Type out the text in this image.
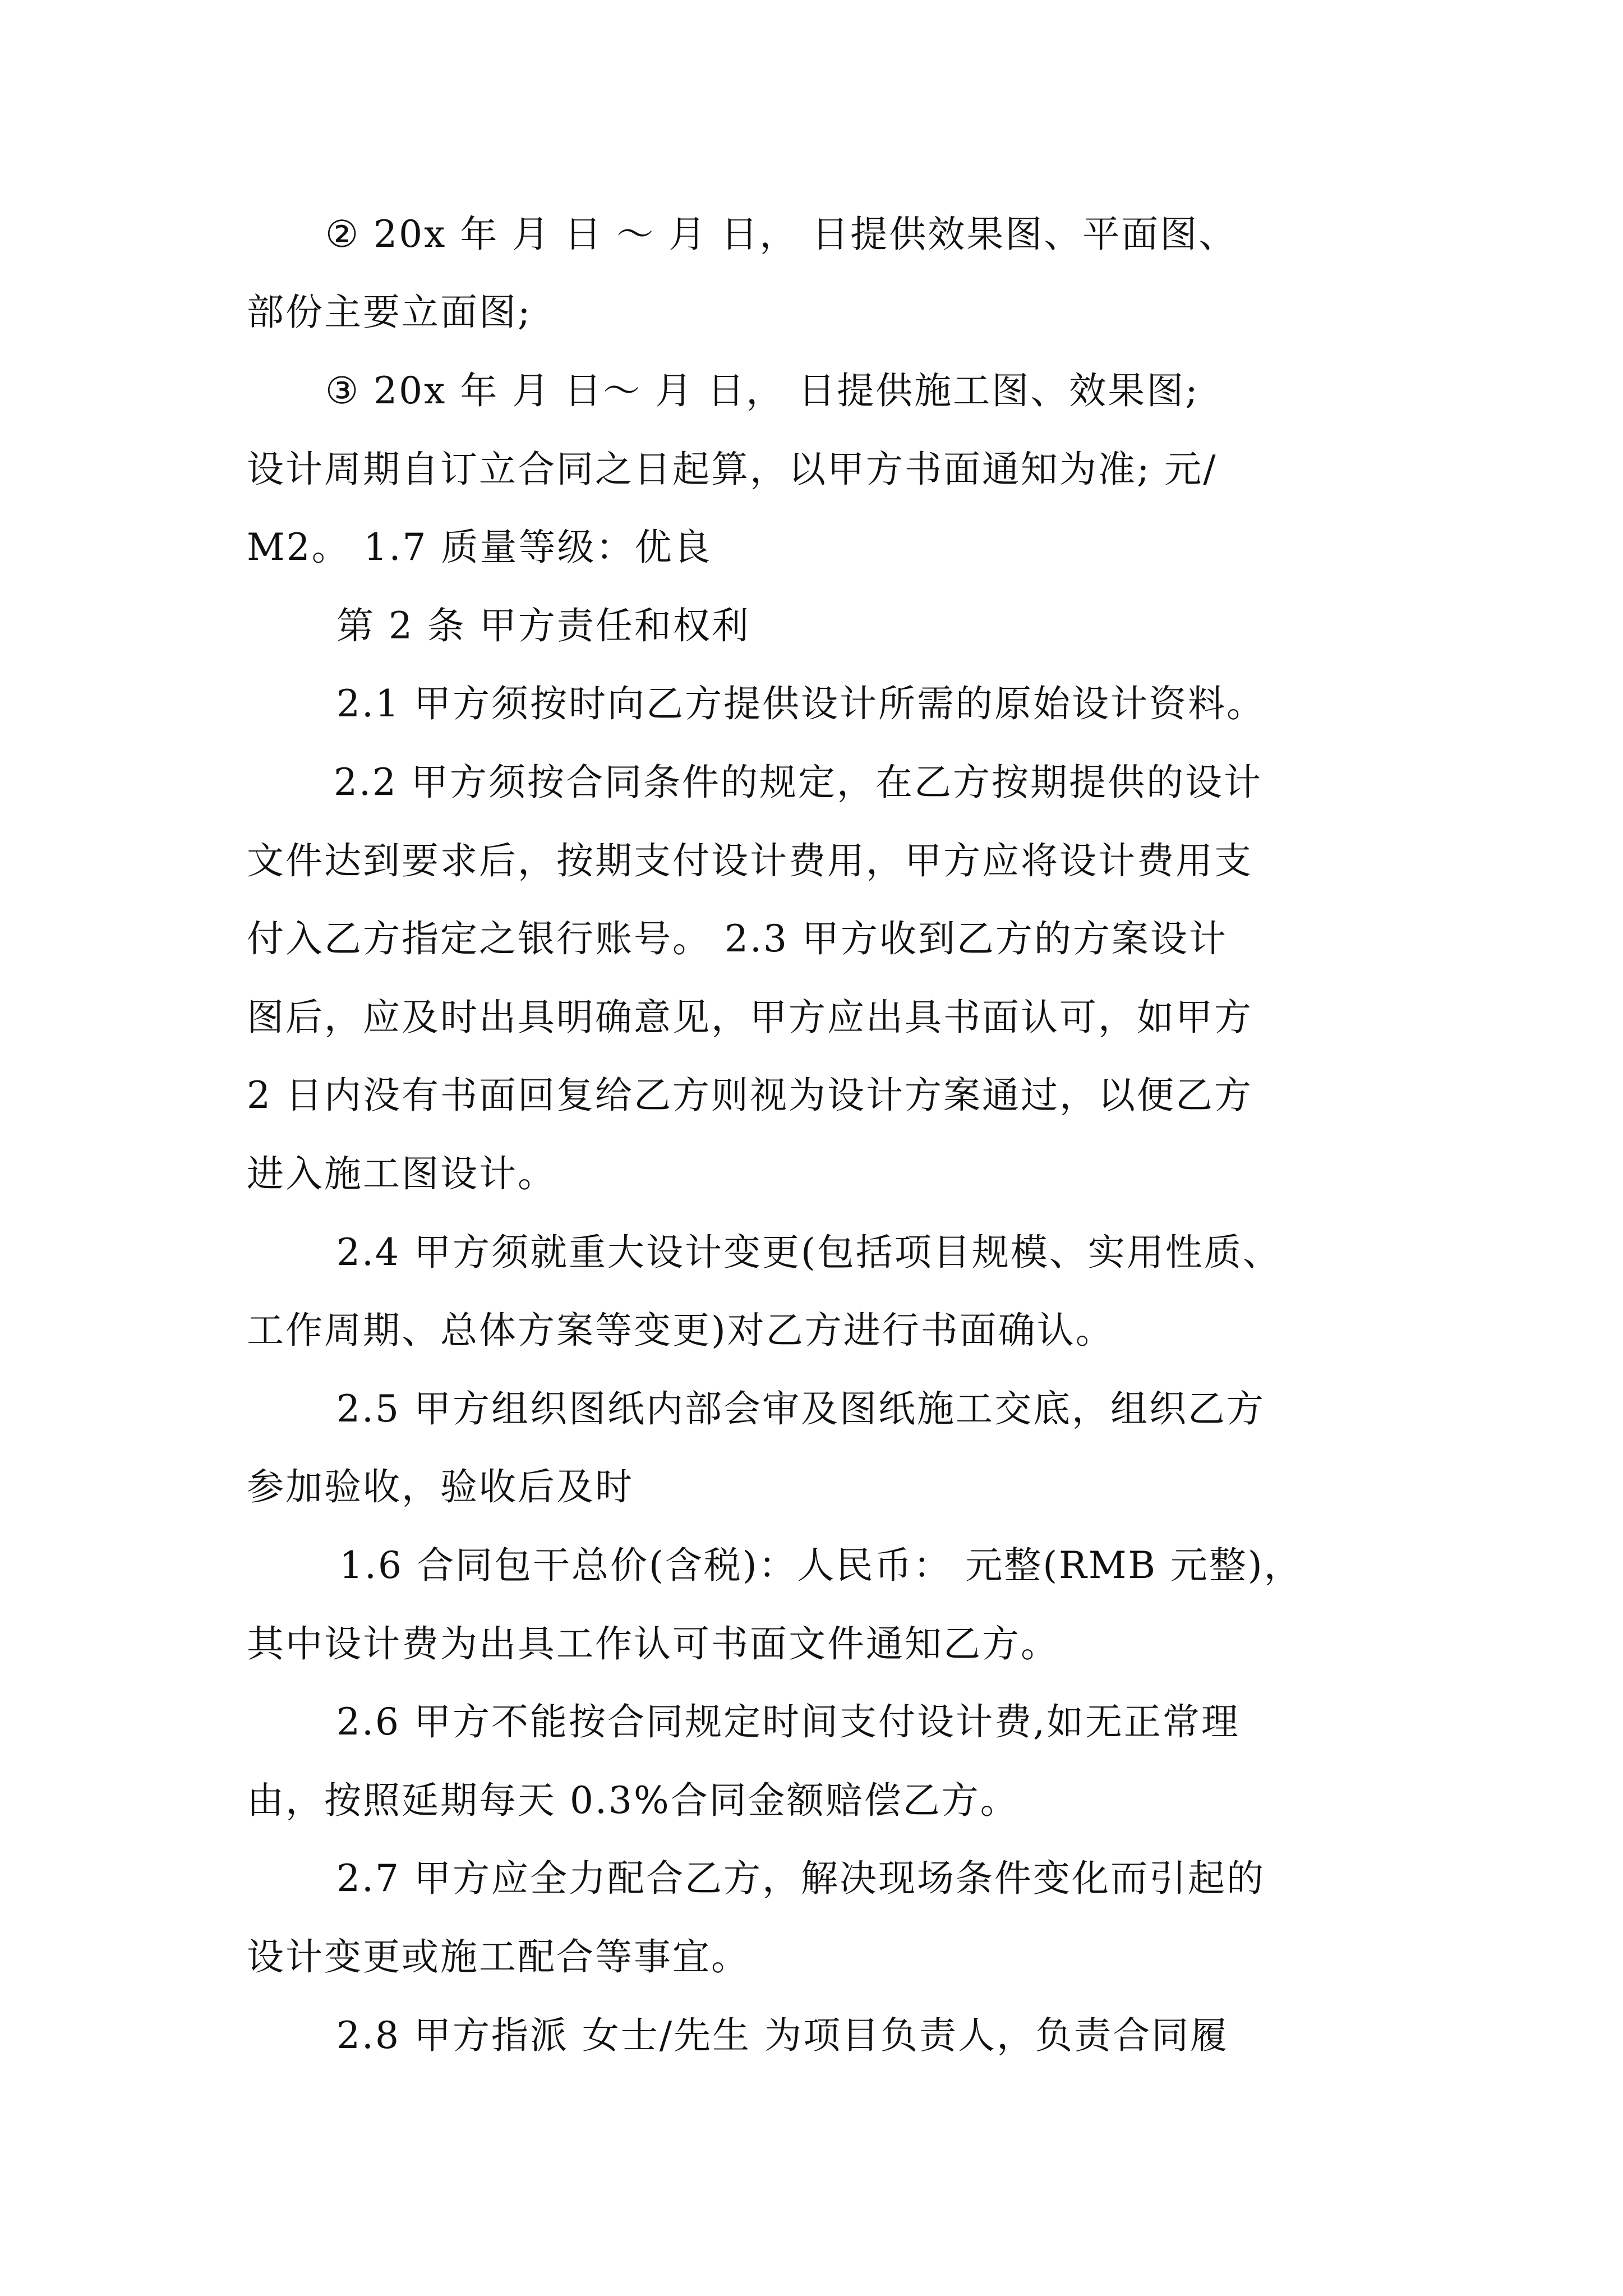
② 20x 年 月 日 ～ 月 日， 日提供效果图、平面图、
部份主要立面图;
③ 20x 年 月 日～ 月 日， 日提供施工图、效果图;
设计周期自订立合同之日起算，以甲方书面通知为准; 元/
M2。 1.7 质量等级：优良
第 2 条 甲方责任和权利
2.1 甲方须按时向乙方提供设计所需的原始设计资料。
2.2 甲方须按合同条件的规定，在乙方按期提供的设计
文件达到要求后，按期支付设计费用，甲方应将设计费用支
付入乙方指定之银行账号。 2.3 甲方收到乙方的方案设计
图后，应及时出具明确意见，甲方应出具书面认可，如甲方
2 日内没有书面回复给乙方则视为设计方案通过，以便乙方
进入施工图设计。
2.4 甲方须就重大设计变更(包括项目规模、实用性质、
工作周期、总体方案等变更)对乙方进行书面确认。
2.5 甲方组织图纸内部会审及图纸施工交底，组织乙方
参加验收，验收后及时
1.6 合同包干总价(含税)：人民币： 元整(RMB 元整)，
其中设计费为出具工作认可书面文件通知乙方。
2.6 甲方不能按合同规定时间支付设计费,如无正常理
由，按照延期每天 0.3%合同金额赔偿乙方。
2.7 甲方应全力配合乙方，解决现场条件变化而引起的
设计变更或施工配合等事宜。
2.8 甲方指派 女士/先生 为项目负责人，负责合同履
